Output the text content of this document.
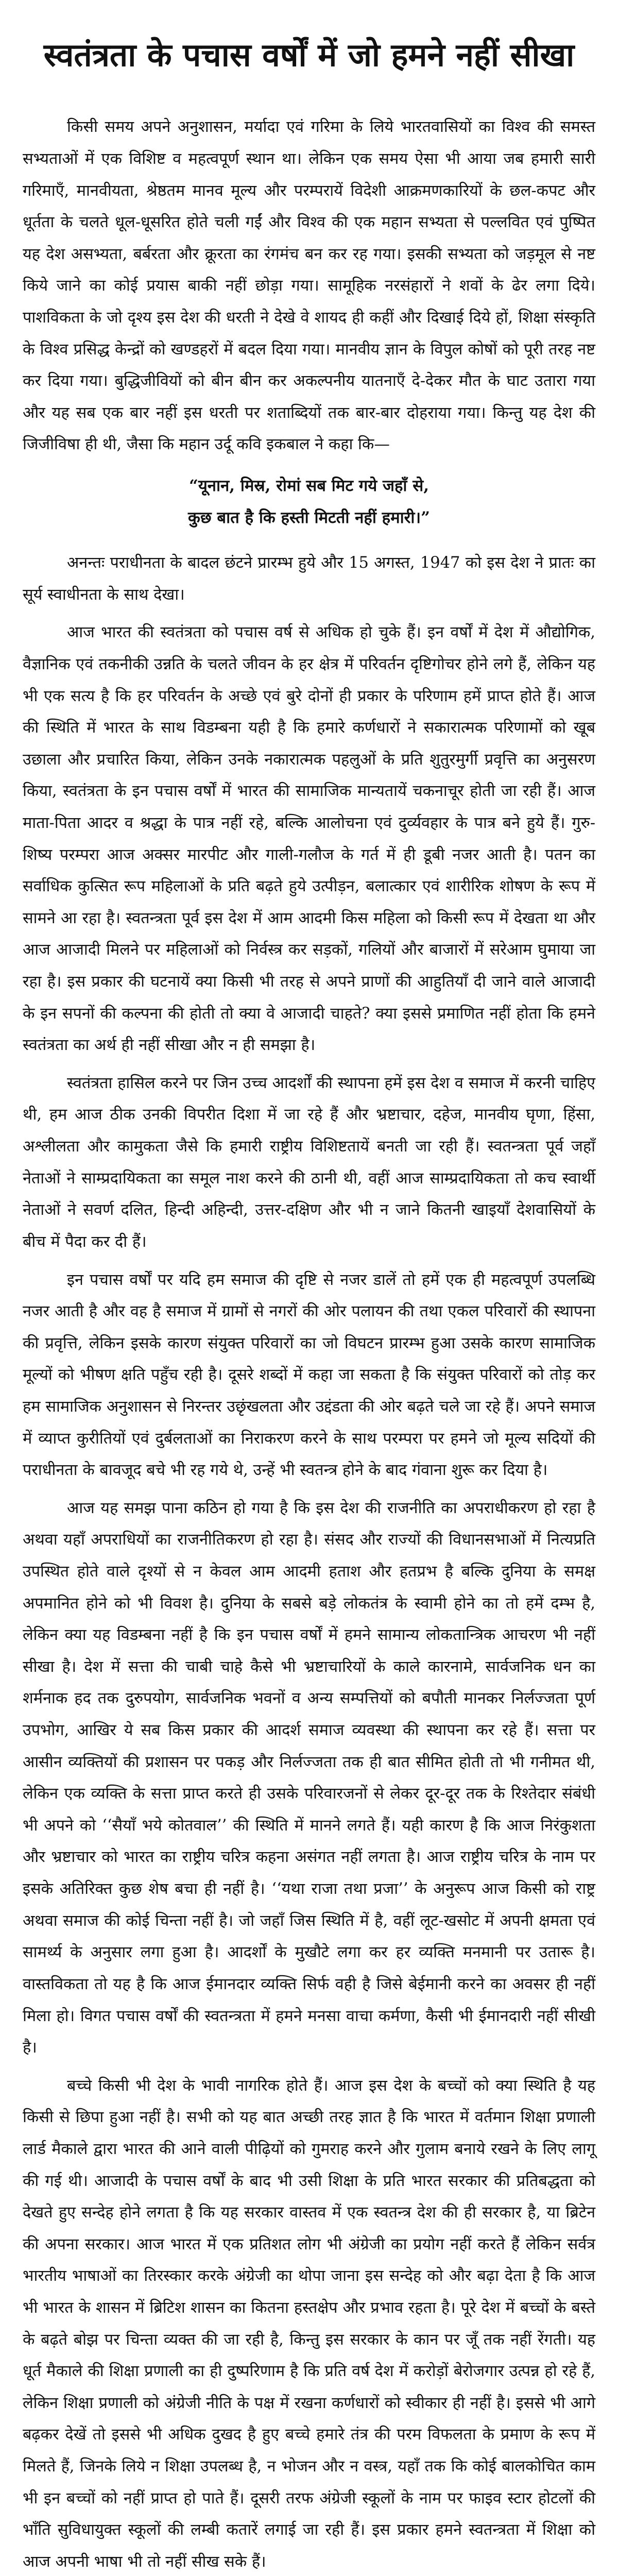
स्वतंत्रता के पचास वर्षों में जो हमने नहीं सीखा

किसी समय अपने अनुशासन, मर्यादा एवं गरिमा के लिये भारतवासियों का विश्व की समस्त सभ्यताओं में एक विशिष्ट व महत्वपूर्ण स्थान था। लेकिन एक समय ऐसा भी आया जब हमारी सारी गरिमाएँ, मानवीयता, श्रेष्ठतम मानव मूल्य और परम्परायें विदेशी आक्रमणकारियों के छल-कपट और धूर्तता के चलते धूल-धूसरित होते चली गईं और विश्व की एक महान सभ्यता से पल्लवित एवं पुष्पित यह देश असभ्यता, बर्बरता और क्रूरता का रंगमंच बन कर रह गया। इसकी सभ्यता को जड़मूल से नष्ट किये जाने का कोई प्रयास बाकी नहीं छोड़ा गया। सामूहिक नरसंहारों ने शवों के ढेर लगा दिये। पाशविकता के जो दृश्य इस देश की धरती ने देखे वे शायद ही कहीं और दिखाई दिये हों, शिक्षा संस्कृति के विश्व प्रसिद्ध केन्द्रों को खण्डहरों में बदल दिया गया। मानवीय ज्ञान के विपुल कोषों को पूरी तरह नष्ट कर दिया गया। बुद्धिजीवियों को बीन बीन कर अकल्पनीय यातनाएँ दे-देकर मौत के घाट उतारा गया और यह सब एक बार नहीं इस धरती पर शताब्दियों तक बार-बार दोहराया गया। किन्तु यह देश की जिजीविषा ही थी, जैसा कि महान उर्दू कवि इकबाल ने कहा कि—

“यूनान, मिस्र, रोमां सब मिट गये जहाँ से,
कुछ बात है कि हस्ती मिटती नहीं हमारी।”

अनन्तः पराधीनता के बादल छंटने प्रारम्भ हुये और 15 अगस्त, 1947 को इस देश ने प्रातः का सूर्य स्वाधीनता के साथ देखा।

आज भारत की स्वतंत्रता को पचास वर्ष से अधिक हो चुके हैं। इन वर्षों में देश में औद्योगिक, वैज्ञानिक एवं तकनीकी उन्नति के चलते जीवन के हर क्षेत्र में परिवर्तन दृष्टिगोचर होने लगे हैं, लेकिन यह भी एक सत्य है कि हर परिवर्तन के अच्छे एवं बुरे दोनों ही प्रकार के परिणाम हमें प्राप्त होते हैं। आज की स्थिति में भारत के साथ विडम्बना यही है कि हमारे कर्णधारों ने सकारात्मक परिणामों को खूब उछाला और प्रचारित किया, लेकिन उनके नकारात्मक पहलुओं के प्रति शुतुरमुर्गी प्रवृत्ति का अनुसरण किया, स्वतंत्रता के इन पचास वर्षों में भारत की सामाजिक मान्यतायें चकनाचूर होती जा रही हैं। आज माता-पिता आदर व श्रद्धा के पात्र नहीं रहे, बल्कि आलोचना एवं दुर्व्यवहार के पात्र बने हुये हैं। गुरु-शिष्य परम्परा आज अक्सर मारपीट और गाली-गलौज के गर्त में ही डूबी नजर आती है। पतन का सर्वाधिक कुत्सित रूप महिलाओं के प्रति बढ़ते हुये उत्पीड़न, बलात्कार एवं शारीरिक शोषण के रूप में सामने आ रहा है। स्वतन्त्रता पूर्व इस देश में आम आदमी किस महिला को किसी रूप में देखता था और आज आजादी मिलने पर महिलाओं को निर्वस्त्र कर सड़कों, गलियों और बाजारों में सरेआम घुमाया जा रहा है। इस प्रकार की घटनायें क्या किसी भी तरह से अपने प्राणों की आहुतियाँ दी जाने वाले आजादी के इन सपनों की कल्पना की होती तो क्या वे आजादी चाहते? क्या इससे प्रमाणित नहीं होता कि हमने स्वतंत्रता का अर्थ ही नहीं सीखा और न ही समझा है।

स्वतंत्रता हासिल करने पर जिन उच्च आदर्शों की स्थापना हमें इस देश व समाज में करनी चाहिए थी, हम आज ठीक उनकी विपरीत दिशा में जा रहे हैं और भ्रष्टाचार, दहेज, मानवीय घृणा, हिंसा, अश्लीलता और कामुकता जैसे कि हमारी राष्ट्रीय विशिष्टतायें बनती जा रही हैं। स्वतन्त्रता पूर्व जहाँ नेताओं ने साम्प्रदायिकता का समूल नाश करने की ठानी थी, वहीं आज साम्प्रदायिकता तो कच स्वार्थी नेताओं ने सवर्ण दलित, हिन्दी अहिन्दी, उत्तर-दक्षिण और भी न जाने कितनी खाइयाँ देशवासियों के बीच में पैदा कर दी हैं।

इन पचास वर्षों पर यदि हम समाज की दृष्टि से नजर डालें तो हमें एक ही महत्वपूर्ण उपलब्धि नजर आती है और वह है समाज में ग्रामों से नगरों की ओर पलायन की तथा एकल परिवारों की स्थापना की प्रवृत्ति, लेकिन इसके कारण संयुक्त परिवारों का जो विघटन प्रारम्भ हुआ उसके कारण सामाजिक मूल्यों को भीषण क्षति पहुँच रही है। दूसरे शब्दों में कहा जा सकता है कि संयुक्त परिवारों को तोड़ कर हम सामाजिक अनुशासन से निरन्तर उछृंखलता और उद्दंडता की ओर बढ़ते चले जा रहे हैं। अपने समाज में व्याप्त कुरीतियों एवं दुर्बलताओं का निराकरण करने के साथ परम्परा पर हमने जो मूल्य सदियों की पराधीनता के बावजूद बचे भी रह गये थे, उन्हें भी स्वतन्त्र होने के बाद गंवाना शुरू कर दिया है।

आज यह समझ पाना कठिन हो गया है कि इस देश की राजनीति का अपराधीकरण हो रहा है अथवा यहाँ अपराधियों का राजनीतिकरण हो रहा है। संसद और राज्यों की विधानसभाओं में नित्यप्रति उपस्थित होते वाले दृश्यों से न केवल आम आदमी हताश और हतप्रभ है बल्कि दुनिया के समक्ष अपमानित होने को भी विवश है। दुनिया के सबसे बड़े लोकतंत्र के स्वामी होने का तो हमें दम्भ है, लेकिन क्या यह विडम्बना नहीं है कि इन पचास वर्षों में हमने सामान्य लोकतान्त्रिक आचरण भी नहीं सीखा है। देश में सत्ता की चाबी चाहे कैसे भी भ्रष्टाचारियों के काले कारनामे, सार्वजनिक धन का शर्मनाक हद तक दुरुपयोग, सार्वजनिक भवनों व अन्य सम्पत्तियों को बपौती मानकर निर्लज्जता पूर्ण उपभोग, आखिर ये सब किस प्रकार की आदर्श समाज व्यवस्था की स्थापना कर रहे हैं। सत्ता पर आसीन व्यक्तियों की प्रशासन पर पकड़ और निर्लज्जता तक ही बात सीमित होती तो भी गनीमत थी, लेकिन एक व्यक्ति के सत्ता प्राप्त करते ही उसके परिवारजनों से लेकर दूर-दूर तक के रिश्तेदार संबंधी भी अपने को ‘‘सैयाँ भये कोतवाल’’ की स्थिति में मानने लगते हैं। यही कारण है कि आज निरंकुशता और भ्रष्टाचार को भारत का राष्ट्रीय चरित्र कहना असंगत नहीं लगता है। आज राष्ट्रीय चरित्र के नाम पर इसके अतिरिक्त कुछ शेष बचा ही नहीं है। ‘‘यथा राजा तथा प्रजा’’ के अनुरूप आज किसी को राष्ट्र अथवा समाज की कोई चिन्ता नहीं है। जो जहाँ जिस स्थिति में है, वहीं लूट-खसोट में अपनी क्षमता एवं सामर्थ्य के अनुसार लगा हुआ है। आदर्शों के मुखौटे लगा कर हर व्यक्ति मनमानी पर उतारू है। वास्तविकता तो यह है कि आज ईमानदार व्यक्ति सिर्फ वही है जिसे बेईमानी करने का अवसर ही नहीं मिला हो। विगत पचास वर्षों की स्वतन्त्रता में हमने मनसा वाचा कर्मणा, कैसी भी ईमानदारी नहीं सीखी है।

बच्चे किसी भी देश के भावी नागरिक होते हैं। आज इस देश के बच्चों को क्या स्थिति है यह किसी से छिपा हुआ नहीं है। सभी को यह बात अच्छी तरह ज्ञात है कि भारत में वर्तमान शिक्षा प्रणाली लार्ड मैकाले द्वारा भारत की आने वाली पीढ़ियों को गुमराह करने और गुलाम बनाये रखने के लिए लागू की गई थी। आजादी के पचास वर्षों के बाद भी उसी शिक्षा के प्रति भारत सरकार की प्रतिबद्धता को देखते हुए सन्देह होने लगता है कि यह सरकार वास्तव में एक स्वतन्त्र देश की ही सरकार है, या ब्रिटेन की अपना सरकार। आज भारत में एक प्रतिशत लोग भी अंग्रेजी का प्रयोग नहीं करते हैं लेकिन सर्वत्र भारतीय भाषाओं का तिरस्कार करके अंग्रेजी का थोपा जाना इस सन्देह को और बढ़ा देता है कि आज भी भारत के शासन में ब्रिटिश शासन का कितना हस्तक्षेप और प्रभाव रहता है। पूरे देश में बच्चों के बस्ते के बढ़ते बोझ पर चिन्ता व्यक्त की जा रही है, किन्तु इस सरकार के कान पर जूँ तक नहीं रेंगती। यह धूर्त मैकाले की शिक्षा प्रणाली का ही दुष्परिणाम है कि प्रति वर्ष देश में करोड़ों बेरोजगार उत्पन्न हो रहे हैं, लेकिन शिक्षा प्रणाली को अंग्रेजी नीति के पक्ष में रखना कर्णधारों को स्वीकार ही नहीं है। इससे भी आगे बढ़कर देखें तो इससे भी अधिक दुखद है हुए बच्चे हमारे तंत्र की परम विफलता के प्रमाण के रूप में मिलते हैं, जिनके लिये न शिक्षा उपलब्ध है, न भोजन और न वस्त्र, यहाँ तक कि कोई बालकोचित काम भी इन बच्चों को नहीं प्राप्त हो पाते हैं। दूसरी तरफ अंग्रेजी स्कूलों के नाम पर फाइव स्टार होटलों की भाँति सुविधायुक्त स्कूलों की लम्बी कतारें लगाई जा रही हैं। इस प्रकार हमने स्वतन्त्रता में शिक्षा को आज अपनी भाषा भी तो नहीं सीख सके हैं।
